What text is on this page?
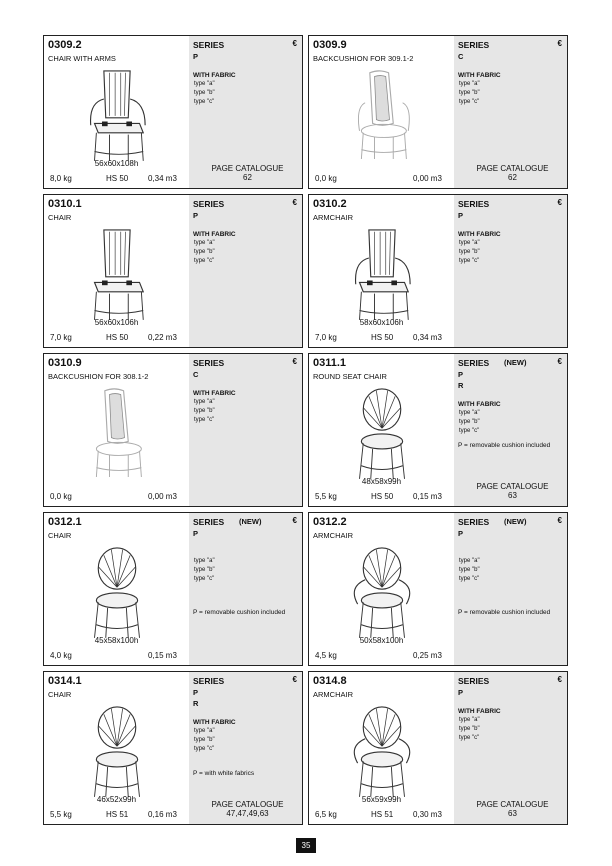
0309.2
CHAIR WITH ARMS
SERIES	€
P
WITH FABRIC
type "a"
type "b"
type "c"
PAGE CATALOGUE
62
56x60x108h
8,0 kg	HS 50 0,34 m3
0309.9
BACKCUSHION FOR 309.1-2
SERIES	€
C
WITH FABRIC
type "a"
type "b"
type "c"
PAGE CATALOGUE
62
0,0 kg	0,00 m3
0310.1
CHAIR
SERIES	€
P
WITH FABRIC
type "a"
type "b"
type "c"
56x60x106h
7,0 kg	HS 50 0,22 m3
0310.2
ARMCHAIR
SERIES	€
P
WITH FABRIC
type "a"
type "b"
type "c"
58x60x106h
7,0 kg	HS 50 0,34 m3
0310.9
BACKCUSHION FOR 308.1-2
SERIES	€
C
WITH FABRIC
type "a"
type "b"
type "c"
0,0 kg	0,00 m3
0311.1
ROUND SEAT CHAIR
SERIES (NEW)	€
P
R
WITH FABRIC
type "a"
type "b"
type "c"
P = removable cushion included
PAGE CATALOGUE
63
48x58x99h
5,5 kg	HS 50 0,15 m3
0312.1
CHAIR
SERIES (NEW)	€
P
type "a"
type "b"
type "c"
P = removable cushion included
45x58x100h
4,0 kg	0,15 m3
0312.2
ARMCHAIR
SERIES (NEW)	€
P
type "a"
type "b"
type "c"
P = removable cushion included
50x58x100h
4,5 kg	0,25 m3
0314.1
CHAIR
SERIES	€
P
R
WITH FABRIC
type "a"
type "b"
type "c"
P = with white fabrics
PAGE CATALOGUE
47,47,49,63
46x52x99h
5,5 kg	HS 51 0,16 m3
0314.8
ARMCHAIR
SERIES	€
P
WITH FABRIC
type "a"
type "b"
type "c"
PAGE CATALOGUE
63
56x59x99h
6,5 kg	HS 51 0,30 m3
35
